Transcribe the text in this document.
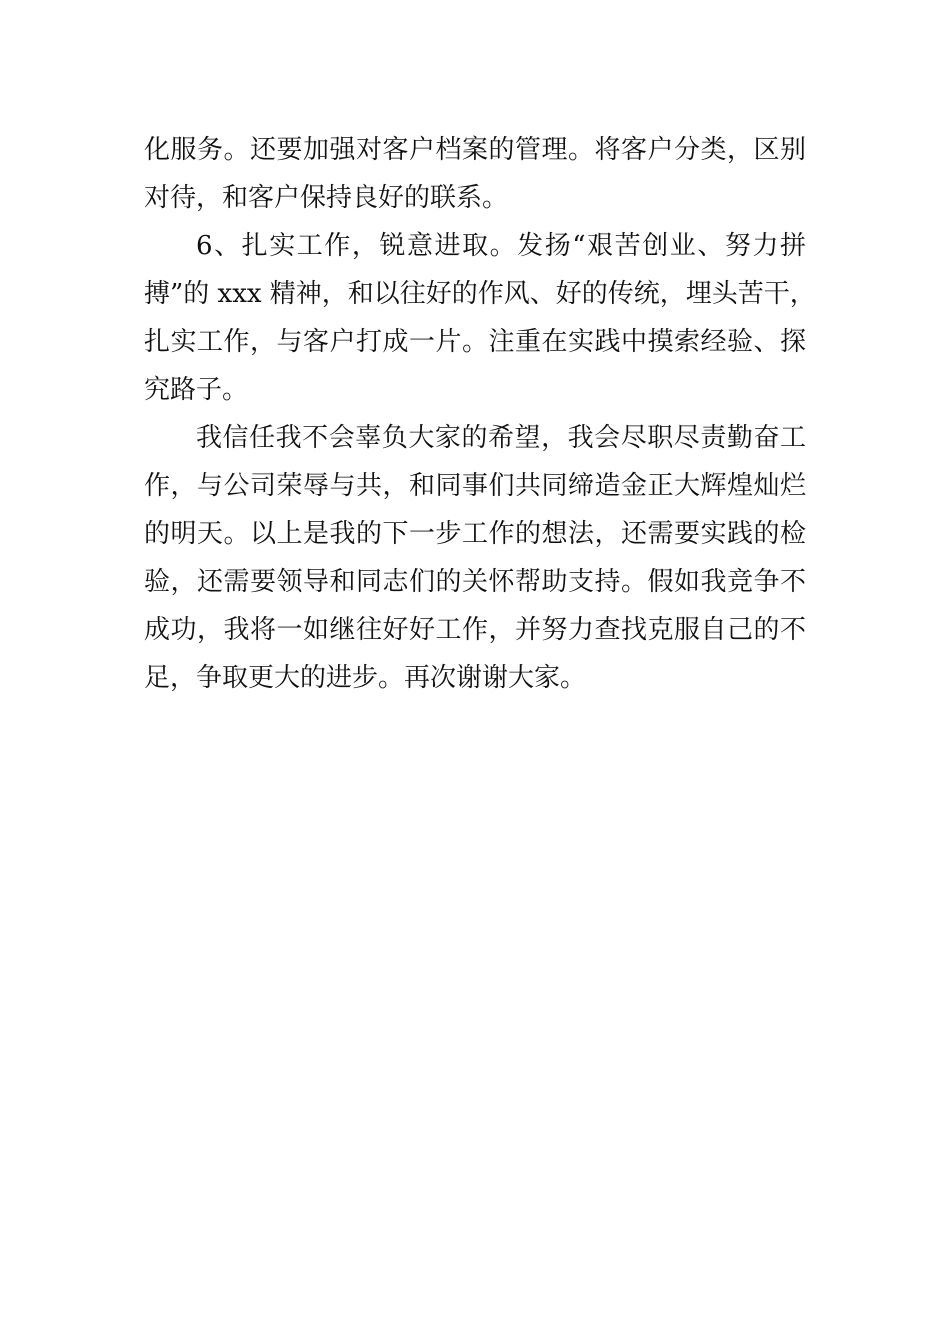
化服务。还要加强对客户档案的管理。将客户分类，区别
对待，和客户保持良好的联系。
6、扎实工作，锐意进取。发扬“艰苦创业、努力拼
搏”的 xxx 精神，和以往好的作风、好的传统，埋头苦干，
扎实工作，与客户打成一片。注重在实践中摸索经验、探
究路子。
我信任我不会辜负大家的希望，我会尽职尽责勤奋工
作，与公司荣辱与共，和同事们共同缔造金正大辉煌灿烂
的明天。以上是我的下一步工作的想法，还需要实践的检
验，还需要领导和同志们的关怀帮助支持。假如我竞争不
成功，我将一如继往好好工作，并努力查找克服自己的不
足，争取更大的进步。再次谢谢大家。
